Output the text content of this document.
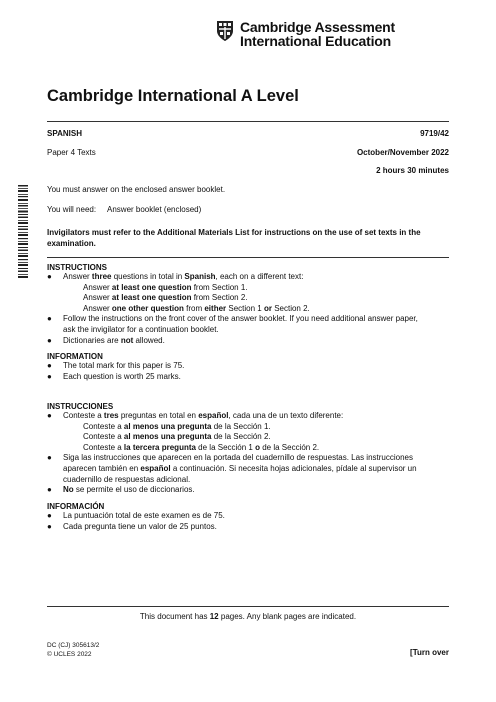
Cambridge Assessment
International Education
Cambridge International A Level
SPANISH	9719/42
Paper 4 Texts	October/November 2022
2 hours 30 minutes
You must answer on the enclosed answer booklet.
You will need: Answer booklet (enclosed)
Invigilators must refer to the Additional Materials List for instructions on the use of set texts in the examination.
INSTRUCTIONS
●	Answer three questions in total in Spanish, each on a different text:
Answer at least one question from Section 1.
Answer at least one question from Section 2.
Answer one other question from either Section 1 or Section 2.
●	Follow the instructions on the front cover of the answer booklet. If you need additional answer paper,
ask the invigilator for a continuation booklet.
●	Dictionaries are not allowed.
INFORMATION
●	The total mark for this paper is 75.
●	Each question is worth 25 marks.
INSTRUCCIONES
●	Conteste a tres preguntas en total en español, cada una de un texto diferente:
Conteste a al menos una pregunta de la Sección 1.
Conteste a al menos una pregunta de la Sección 2.
Conteste a la tercera pregunta de la Sección 1 o de la Sección 2.
●	Siga las instrucciones que aparecen en la portada del cuadernillo de respuestas. Las instrucciones
aparecen también en español a continuación. Si necesita hojas adicionales, pídale al supervisor un
cuadernillo de respuestas adicional.
●	No se permite el uso de diccionarios.
INFORMACIÓN
●	La puntuación total de este examen es de 75.
●	Cada pregunta tiene un valor de 25 puntos.
This document has 12 pages. Any blank pages are indicated.
DC (CJ) 305613/2
© UCLES 2022	[Turn over
